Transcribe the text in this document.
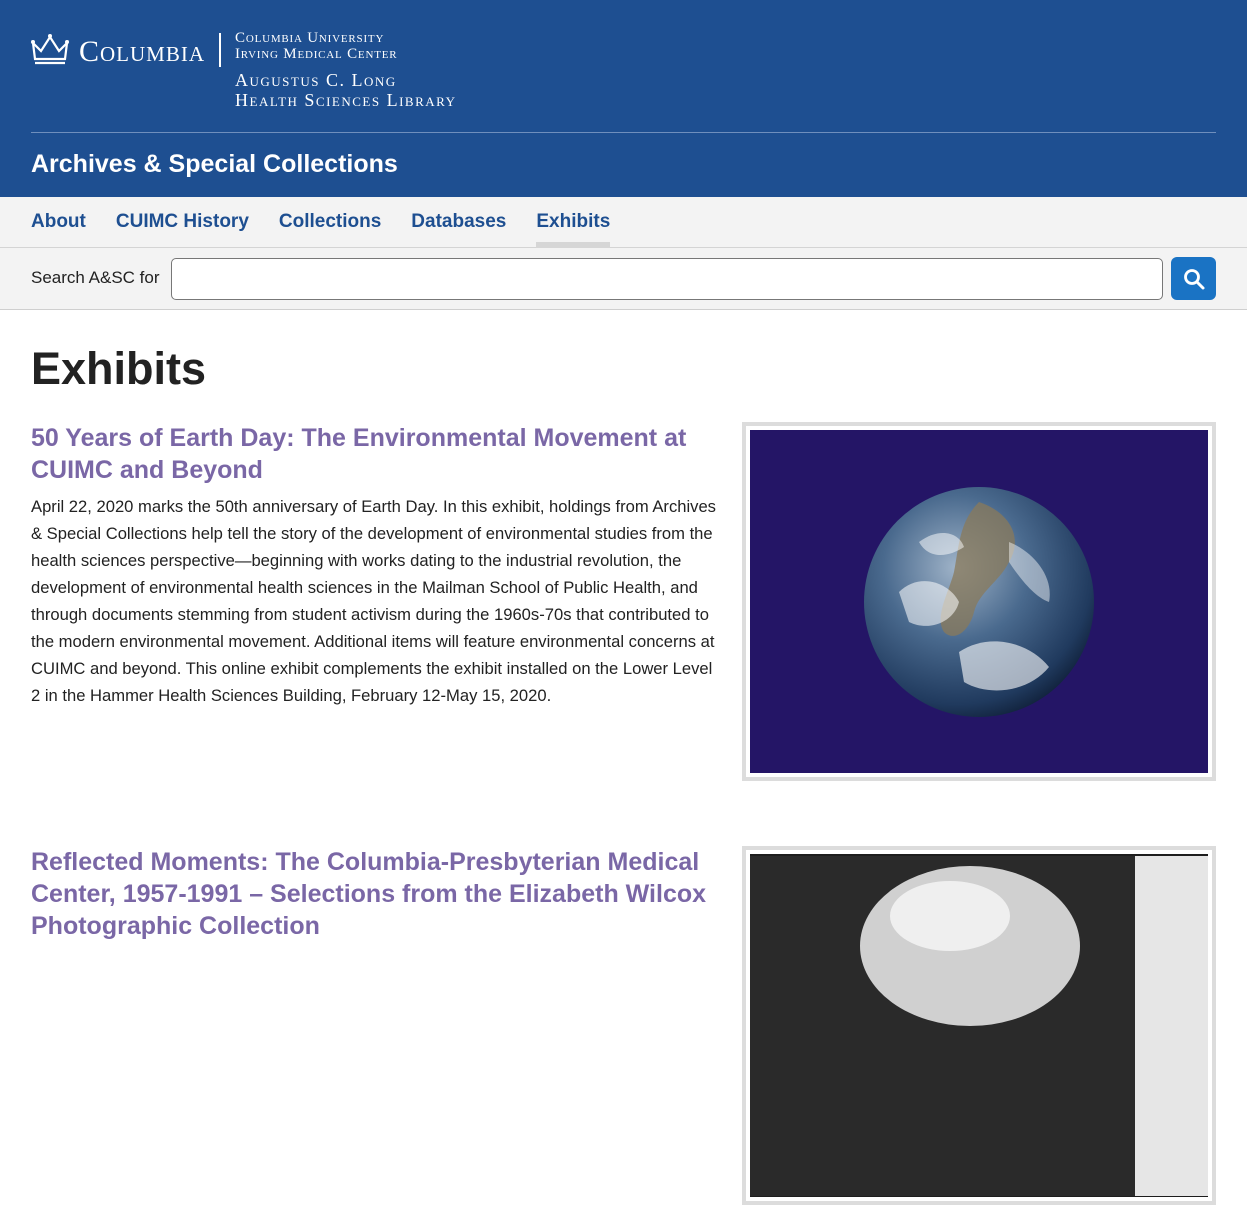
Columbia Columbia University
Irving Medical Center
Augustus C. Long
Health Sciences Library
Archives & Special Collections
About CUIMC History Collections Databases Exhibits
Search A&SC for
Exhibits
50 Years of Earth Day: The Environmental Movement at CUIMC and Beyond

April 22, 2020 marks the 50th anniversary of Earth Day. In this exhibit, holdings from Archives & Special Collections help tell the story of the development of environmental studies from the health sciences perspective—beginning with works dating to the industrial revolution, the development of environmental health sciences in the Mailman School of Public Health, and through documents stemming from student activism during the 1960s-70s that contributed to the modern environmental movement. Additional items will feature environmental concerns at CUIMC and beyond. This online exhibit complements the exhibit installed on the Lower Level 2 in the Hammer Health Sciences Building, February 12-May 15, 2020.

Reflected Moments: The Columbia-Presbyterian Medical Center, 1957-1991 – Selections from the Elizabeth Wilcox Photographic Collection
